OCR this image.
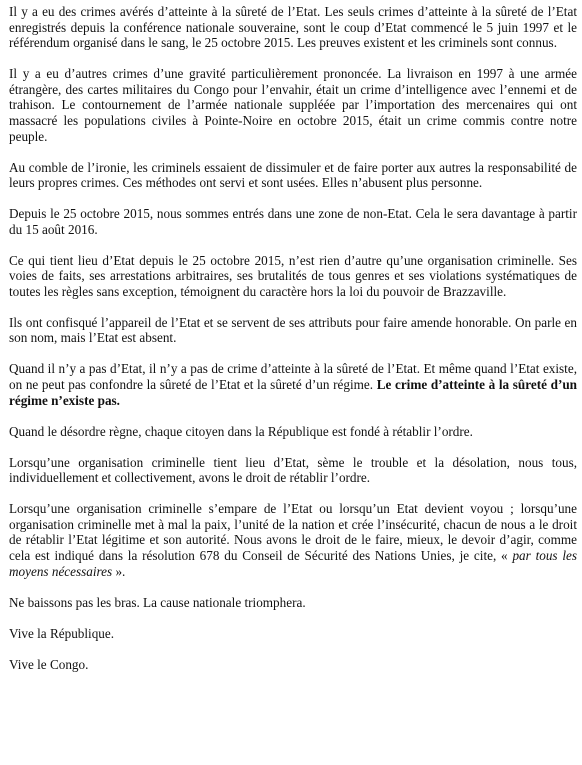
Il y a eu des crimes avérés d’atteinte à la sûreté de l’Etat. Les seuls crimes d’atteinte à la sûreté de l’Etat enregistrés depuis la conférence nationale souveraine, sont le coup d’Etat commencé le 5 juin 1997 et le référendum organisé dans le sang, le 25 octobre 2015. Les preuves existent et les criminels sont connus.

Il y a eu d’autres crimes d’une gravité particulièrement prononcée. La livraison en 1997 à une armée étrangère, des cartes militaires du Congo pour l’envahir, était un crime d’intelligence avec l’ennemi et de trahison. Le contournement de l’armée nationale suppléée par l’importation des mercenaires qui ont massacré les populations civiles à Pointe-Noire en octobre 2015, était un crime commis contre notre peuple.

Au comble de l’ironie, les criminels essaient de dissimuler et de faire porter aux autres la responsabilité de leurs propres crimes. Ces méthodes ont servi et sont usées. Elles n’abusent plus personne.

Depuis le 25 octobre 2015, nous sommes entrés dans une zone de non-Etat. Cela le sera davantage à partir du 15 août 2016.

Ce qui tient lieu d’Etat depuis le 25 octobre 2015, n’est rien d’autre qu’une organisation criminelle. Ses voies de faits, ses arrestations arbitraires, ses brutalités de tous genres et ses violations systématiques de toutes les règles sans exception, témoignent du caractère hors la loi du pouvoir de Brazzaville.

Ils ont confisqué l’appareil de l’Etat et se servent de ses attributs pour faire amende honorable. On parle en son nom, mais l’Etat est absent.

Quand il n’y a pas d’Etat, il n’y a pas de crime d’atteinte à la sûreté de l’Etat. Et même quand l’Etat existe, on ne peut pas confondre la sûreté de l’Etat et la sûreté d’un régime. Le crime d’atteinte à la sûreté d’un régime n’existe pas.

Quand le désordre règne, chaque citoyen dans la République est fondé à rétablir l’ordre.

Lorsqu’une organisation criminelle tient lieu d’Etat, sème le trouble et la désolation, nous tous, individuellement et collectivement, avons le droit de rétablir l’ordre.

Lorsqu’une organisation criminelle s’empare de l’Etat ou lorsqu’un Etat devient voyou ; lorsqu’une organisation criminelle met à mal la paix, l’unité de la nation et crée l’insécurité, chacun de nous a le droit de rétablir l’Etat légitime et son autorité. Nous avons le droit de le faire, mieux, le devoir d’agir, comme cela est indiqué dans la résolution 678 du Conseil de Sécurité des Nations Unies, je cite, « par tous les moyens nécessaires ».

Ne baissons pas les bras. La cause nationale triomphera.

Vive la République.

Vive le Congo.
